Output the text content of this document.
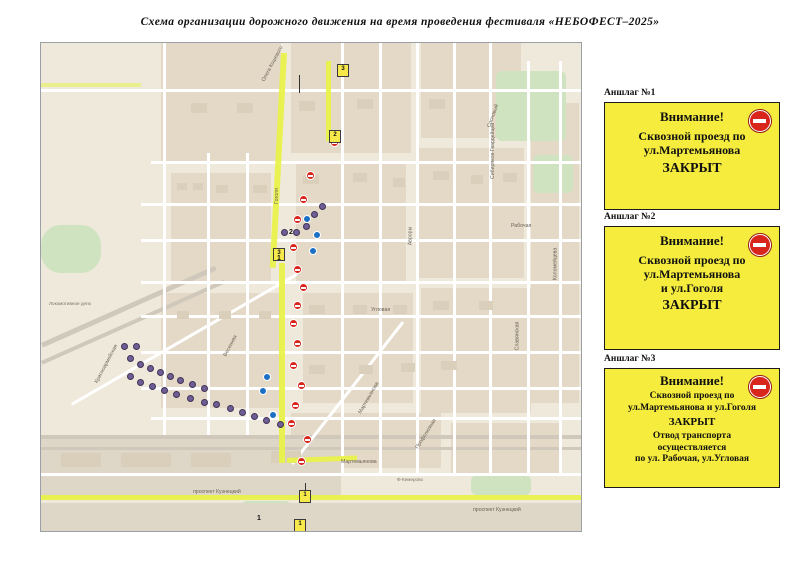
Схема организации дорожного движения на время проведения фестиваля «НЕБОФЕСТ–2025»
Олега Кошевого
Гоголя
Весенняя
Красноармейская
Локомотивное депо
Авроры
Сибиряков-Гвардейцев
Сосновый
Рабочая
Угловая
Славянская
Коломейцева
Мартемьянова
Мартемьянова
Профсоюзная
Ф-Кемерово
проспект Кузнецкий
проспект Кузнецкий
3
2
3
1
1
2
1
1
Аншлаг №1
Внимание!
Сквозной проезд по
ул.Мартемьянова
ЗАКРЫТ
Аншлаг №2
Внимание!
Сквозной проезд по
ул.Мартемьянова
и ул.Гоголя
ЗАКРЫТ
Аншлаг №3
Внимание!
Сквозной проезд по
ул.Мартемьянова и ул.Гоголя
ЗАКРЫТ
Отвод транспорта
осуществляется
по ул. Рабочая, ул.Угловая
